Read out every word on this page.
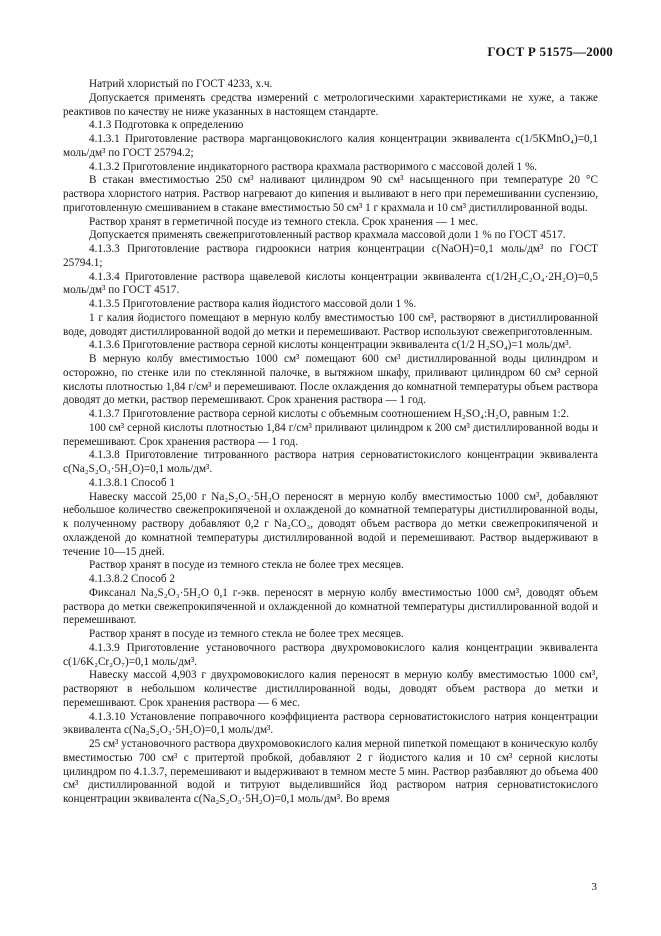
ГОСТ Р 51575—2000

Натрий хлористый по ГОСТ 4233, х.ч.

Допускается применять средства измерений с метрологическими характеристиками не хуже, а также реактивов по качеству не ниже указанных в настоящем стандарте.

4.1.3 Подготовка к определению

4.1.3.1 Приготовление раствора марганцовокислого калия концентрации эквивалента с(1/5KMnO₄)=0,1 моль/дм³ по ГОСТ 25794.2;

4.1.3.2 Приготовление индикаторного раствора крахмала растворимого с массовой долей 1 %.

В стакан вместимостью 250 см³ наливают цилиндром 90 см³ насыщенного при температуре 20 °С раствора хлористого натрия. Раствор нагревают до кипения и выливают в него при перемешивании суспензию, приготовленную смешиванием в стакане вместимостью 50 см³ 1 г крахмала и 10 см³ дистиллированной воды.

Раствор хранят в герметичной посуде из темного стекла. Срок хранения — 1 мес.

Допускается применять свежеприготовленный раствор крахмала массовой доли 1 % по ГОСТ 4517.

4.1.3.3 Приготовление раствора гидроокиси натрия концентрации с(NaOH)=0,1 моль/дм³ по ГОСТ 25794.1;

4.1.3.4 Приготовление раствора щавелевой кислоты концентрации эквивалента с(1/2H₂C₂O₄·2H₂O)=0,5 моль/дм³ по ГОСТ 4517.

4.1.3.5 Приготовление раствора калия йодистого массовой доли 1 %.

1 г калия йодистого помещают в мерную колбу вместимостью 100 см³, растворяют в дистиллированной воде, доводят дистиллированной водой до метки и перемешивают. Раствор используют свежеприготовленным.

4.1.3.6 Приготовление раствора серной кислоты концентрации эквивалента с(1/2 H₂SO₄)=1 моль/дм³.

В мерную колбу вместимостью 1000 см³ помещают 600 см³ дистиллированной воды цилиндром и осторожно, по стенке или по стеклянной палочке, в вытяжном шкафу, приливают цилиндром 60 см³ серной кислоты плотностью 1,84 г/см³ и перемешивают. После охлаждения до комнатной температуры объем раствора доводят до метки, раствор перемешивают. Срок хранения раствора — 1 год.

4.1.3.7 Приготовление раствора серной кислоты с объемным соотношением H₂SO₄:H₂O, равным 1:2.

100 см³ серной кислоты плотностью 1,84 г/см³ приливают цилиндром к 200 см³ дистиллированной воды и перемешивают. Срок хранения раствора — 1 год.

4.1.3.8 Приготовление титрованного раствора натрия серноватистокислого концентрации эквивалента с(Na₂S₂O₃·5H₂O)=0,1 моль/дм³.

4.1.3.8.1 Способ 1

Навеску массой 25,00 г Na₂S₂O₃·5H₂O переносят в мерную колбу вместимостью 1000 см³, добавляют небольшое количество свежепрокипяченой и охлажденой до комнатной температуры дистиллированной воды, к полученному раствору добавляют 0,2 г Na₂CO₃, доводят объем раствора до метки свежепрокипяченой и охлажденой до комнатной температуры дистиллированной водой и перемешивают. Раствор выдерживают в течение 10—15 дней.

Раствор хранят в посуде из темного стекла не более трех месяцев.

4.1.3.8.2 Способ 2

Фиксанал Na₂S₂O₃·5H₂O 0,1 г-экв. переносят в мерную колбу вместимостью 1000 см³, доводят объем раствора до метки свежепрокипяченной и охлажденной до комнатной температуры дистиллированной водой и перемешивают.

Раствор хранят в посуде из темного стекла не более трех месяцев.

4.1.3.9 Приготовление установочного раствора двухромовокислого калия концентрации эквивалента с(1/6K₂Cr₂O₇)=0,1 моль/дм³.

Навеску массой 4,903 г двухромовокислого калия переносят в мерную колбу вместимостью 1000 см³, растворяют в небольшом количестве дистиллированной воды, доводят объем раствора до метки и перемешивают. Срок хранения раствора — 6 мес.

4.1.3.10 Установление поправочного коэффициента раствора серноватистокислого натрия концентрации эквивалента с(Na₂S₂O₃·5H₂O)=0,1 моль/дм³.

25 см³ установочного раствора двухромовокислого калия мерной пипеткой помещают в коническую колбу вместимостью 700 см³ с притертой пробкой, добавляют 2 г йодистого калия и 10 см³ серной кислоты цилиндром по 4.1.3.7, перемешивают и выдерживают в темном месте 5 мин. Раствор разбавляют до объема 400 см³ дистиллированной водой и титруют выделившийся йод раствором натрия серноватистокислого концентрации эквивалента с(Na₂S₂O₃·5H₂O)=0,1 моль/дм³. Во время

3
